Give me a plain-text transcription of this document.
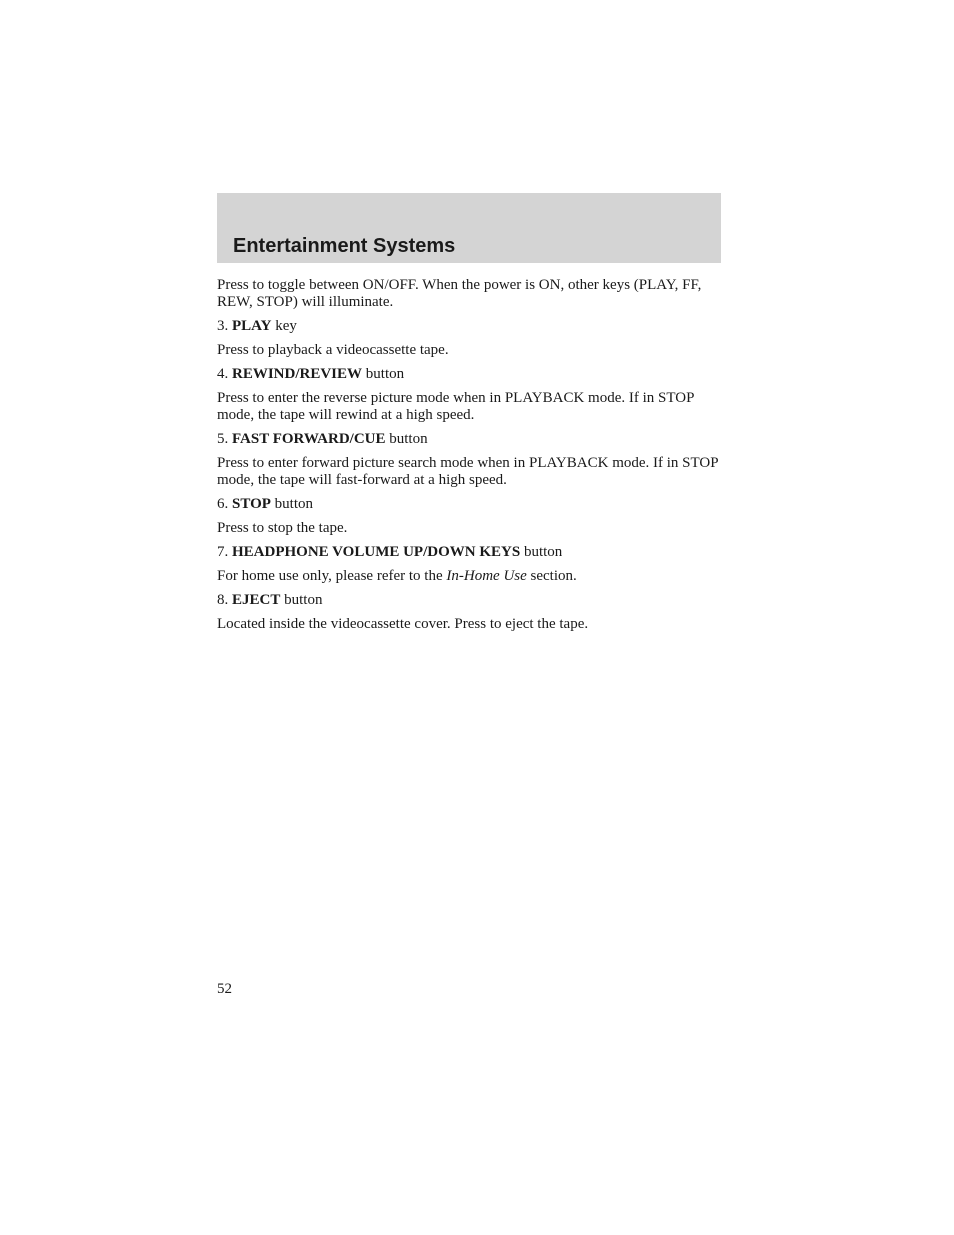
Entertainment Systems

Press to toggle between ON/OFF. When the power is ON, other keys (PLAY, FF, REW, STOP) will illuminate.

3. PLAY key

Press to playback a videocassette tape.

4. REWIND/REVIEW button

Press to enter the reverse picture mode when in PLAYBACK mode. If in STOP mode, the tape will rewind at a high speed.

5. FAST FORWARD/CUE button

Press to enter forward picture search mode when in PLAYBACK mode. If in STOP mode, the tape will fast-forward at a high speed.

6. STOP button

Press to stop the tape.

7. HEADPHONE VOLUME UP/DOWN KEYS button

For home use only, please refer to the In-Home Use section.

8. EJECT button

Located inside the videocassette cover. Press to eject the tape.

52
